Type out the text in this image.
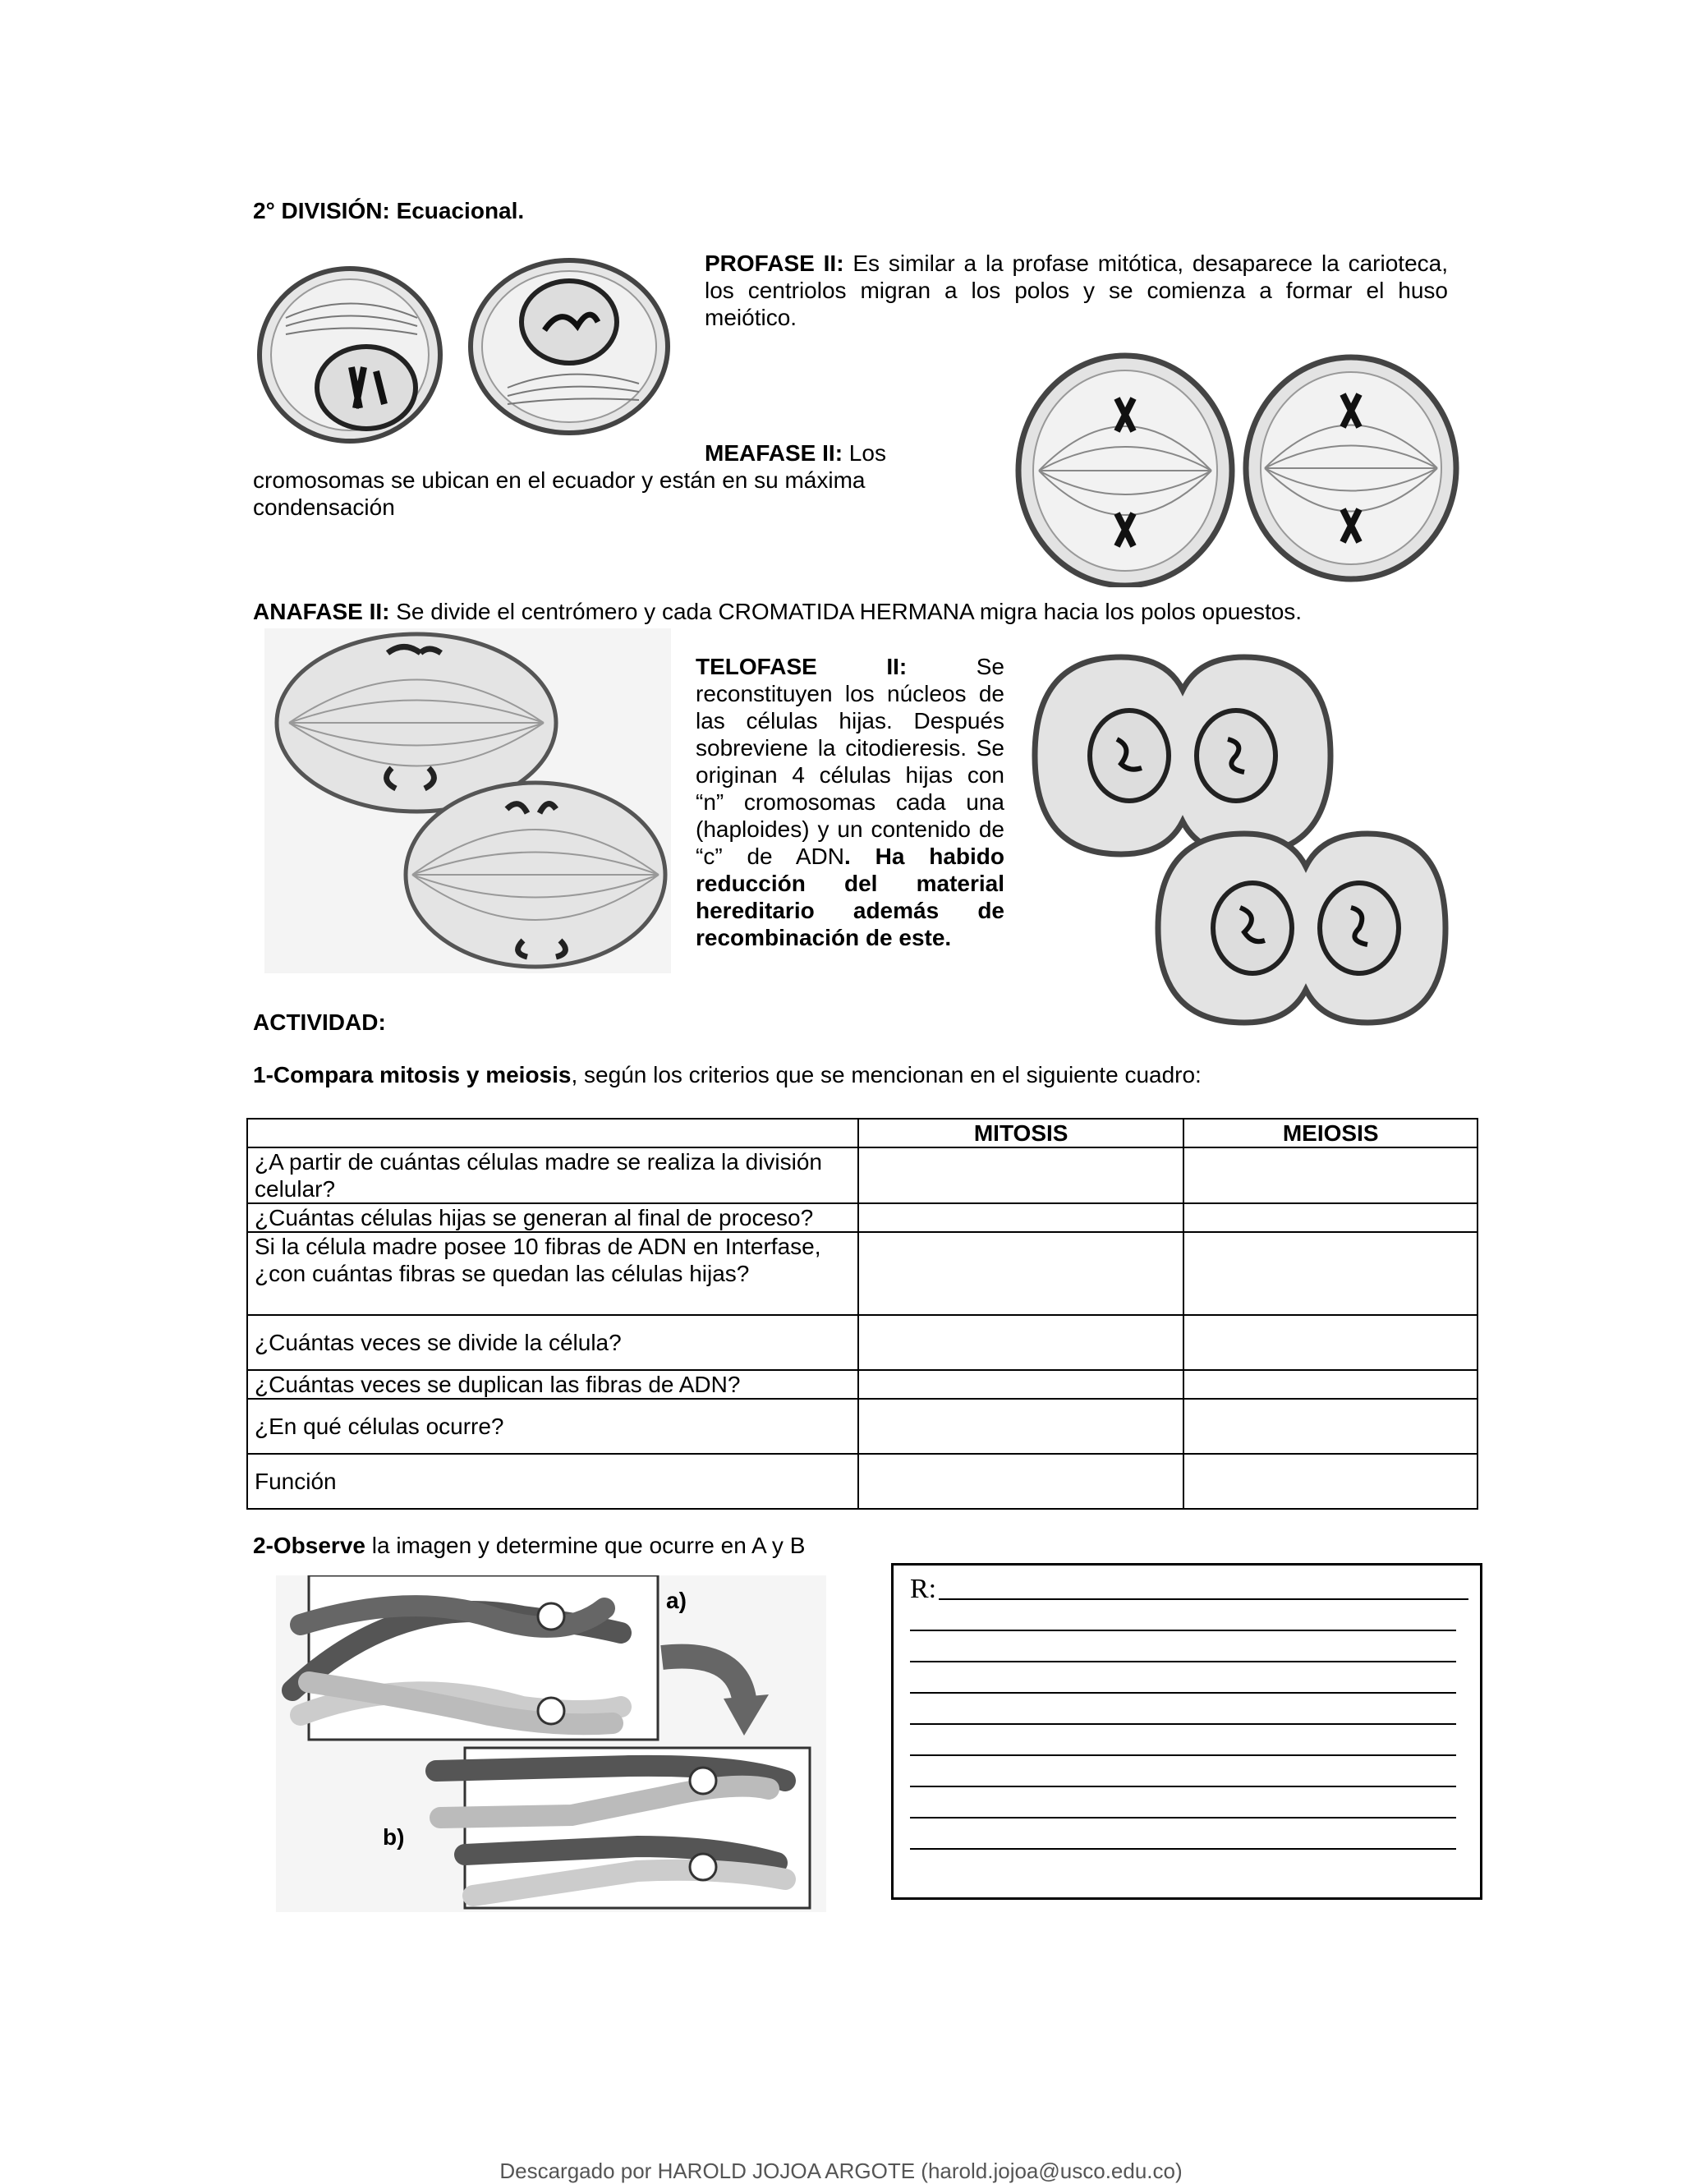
2° DIVISIÓN: Ecuacional.
PROFASE II: Es similar a la profase mitótica, desaparece la carioteca, los centriolos migran a los polos y se comienza a formar el huso meiótico.
MEAFASE II: Los
cromosomas se ubican en el ecuador y están en su máxima condensación
ANAFASE II: Se divide el centrómero y cada CROMATIDA HERMANA migra hacia los polos opuestos.
TELOFASE II: Se reconstituyen los núcleos de las células hijas. Después sobreviene la citodieresis. Se originan 4 células hijas con “n” cromosomas cada una (haploides) y un contenido de “c” de ADN. Ha habido reducción del material hereditario además de recombinación de este.
ACTIVIDAD:
1-Compara mitosis y meiosis, según los criterios que se mencionan en el siguiente cuadro:
	MITOSIS	MEIOSIS
¿A partir de cuántas células madre se realiza la división celular?		
¿Cuántas células hijas se generan al final de proceso?		
Si la célula madre posee 10 fibras de ADN en Interfase, ¿con cuántas fibras se quedan las células hijas?		
¿Cuántas veces se divide la célula?		
¿Cuántas veces se duplican las fibras de ADN?		
¿En qué células ocurre?		
Función		
2-Observe la imagen y determine que ocurre en A y B
a)
b)
R:
Descargado por HAROLD JOJOA ARGOTE (harold.jojoa@usco.edu.co)
